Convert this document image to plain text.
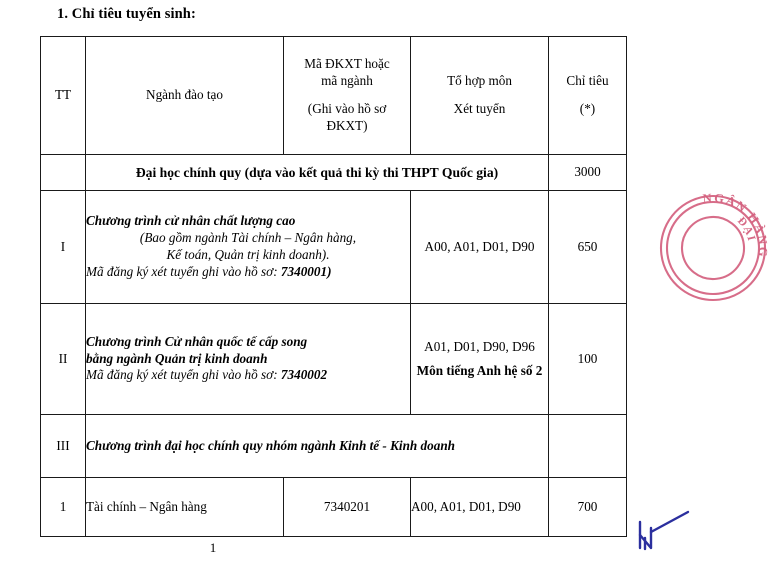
1. Chỉ tiêu tuyển sinh:
TT	Ngành đào tạo	Mã ĐKXT hoặc
mã ngành
(Ghi vào hồ sơ
ĐKXT)	Tổ hợp môn
Xét tuyển	Chỉ tiêu
(*)

	Đại học chính quy (dựa vào kết quả thi kỳ thi THPT Quốc gia)			3000
I	Chương trình cử nhân chất lượng cao
(Bao gồm ngành Tài chính – Ngân hàng,
Kế toán, Quản trị kinh doanh).
Mã đăng ký xét tuyển ghi vào hồ sơ: 7340001)		A00, A01, D01, D90	650
II	Chương trình Cử nhân quốc tế cấp song
bằng ngành Quản trị kinh doanh
Mã đăng ký xét tuyển ghi vào hồ sơ: 7340002		A01, D01, D90, D96
Môn tiếng Anh hệ số 2	100
III	Chương trình đại học chính quy nhóm ngành Kinh tế - Kinh doanh			
1	Tài chính – Ngân hàng	7340201	A00, A01, D01, D90	700
NGÂN HÀNG
ĐẠI
1
